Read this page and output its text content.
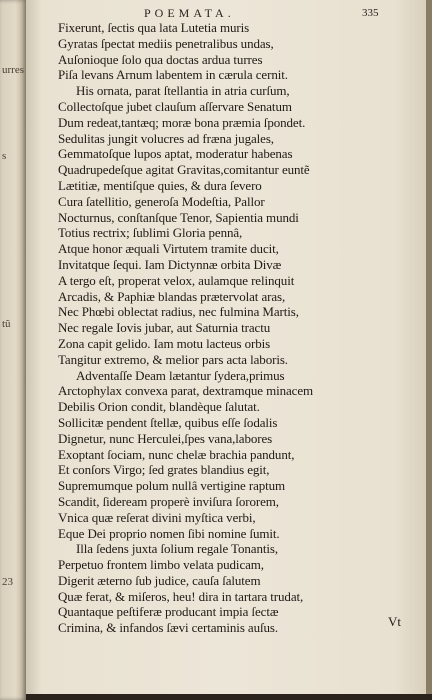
urres
s
tũ
23
POEMATA.	335
Fixerunt, ſectis qua lata Lutetia muris
Gyratas ſpectat mediis penetralibus undas,
Auſonioque ſolo qua doctas ardua turres
Piſa levans Arnum labentem in cærula cernit.
His ornata, parat ſtellantia in atria curſum,
Collectoſque jubet clauſum aſſervare Senatum
Dum redeat,tantæq; moræ bona præmia ſpondet.
Sedulitas jungit volucres ad fræna jugales,
Gemmatoſque lupos aptat, moderatur habenas
Quadrupedeſque agitat Gravitas,comitantur euntẽ
Lætitiæ, mentiſque quies, & dura ſevero
Cura ſatellitio, generoſa Modeſtia, Pallor
Nocturnus, conſtanſque Tenor, Sapientia mundi
Totius rectrix; ſublimi Gloria pennâ,
Atque honor æquali Virtutem tramite ducit,
Invitatque ſequi. Iam Dictynnæ orbita Divæ
A tergo eſt, properat velox, aulamque relinquit
Arcadis, & Paphiæ blandas prætervolat aras,
Nec Phœbi oblectat radius, nec fulmina Martis,
Nec regale Iovis jubar, aut Saturnia tractu
Zona capit gelido. Iam motu lacteus orbis
Tangitur extremo, & melior pars acta laboris.
Adventaſſe Deam lætantur ſydera,primus
Arctophylax convexa parat, dextramque minacem
Debilis Orion condit, blandèque ſalutat.
Sollicitæ pendent ſtellæ, quibus eſſe ſodalis
Dignetur, nunc Herculei,ſpes vana,labores
Exoptant ſociam, nunc chelæ brachia pandunt,
Et conſors Virgo; ſed grates blandius egit,
Supremumque polum nullâ vertigine raptum
Scandit, ſideream properè inviſura ſororem,
Vnica quæ reſerat divini myſtica verbi,
Eque Dei proprio nomen ſibi nomine ſumit.
Illa ſedens juxta ſolium regale Tonantis,
Perpetuo frontem limbo velata pudicam,
Digerit æterno ſub judice, cauſa ſalutem
Quæ ferat, & miſeros, heu! dira in tartara trudat,
Quantaque peſtiferæ producant impia ſectæ
Crimina, & infandos ſævi certaminis auſus.	Vt
